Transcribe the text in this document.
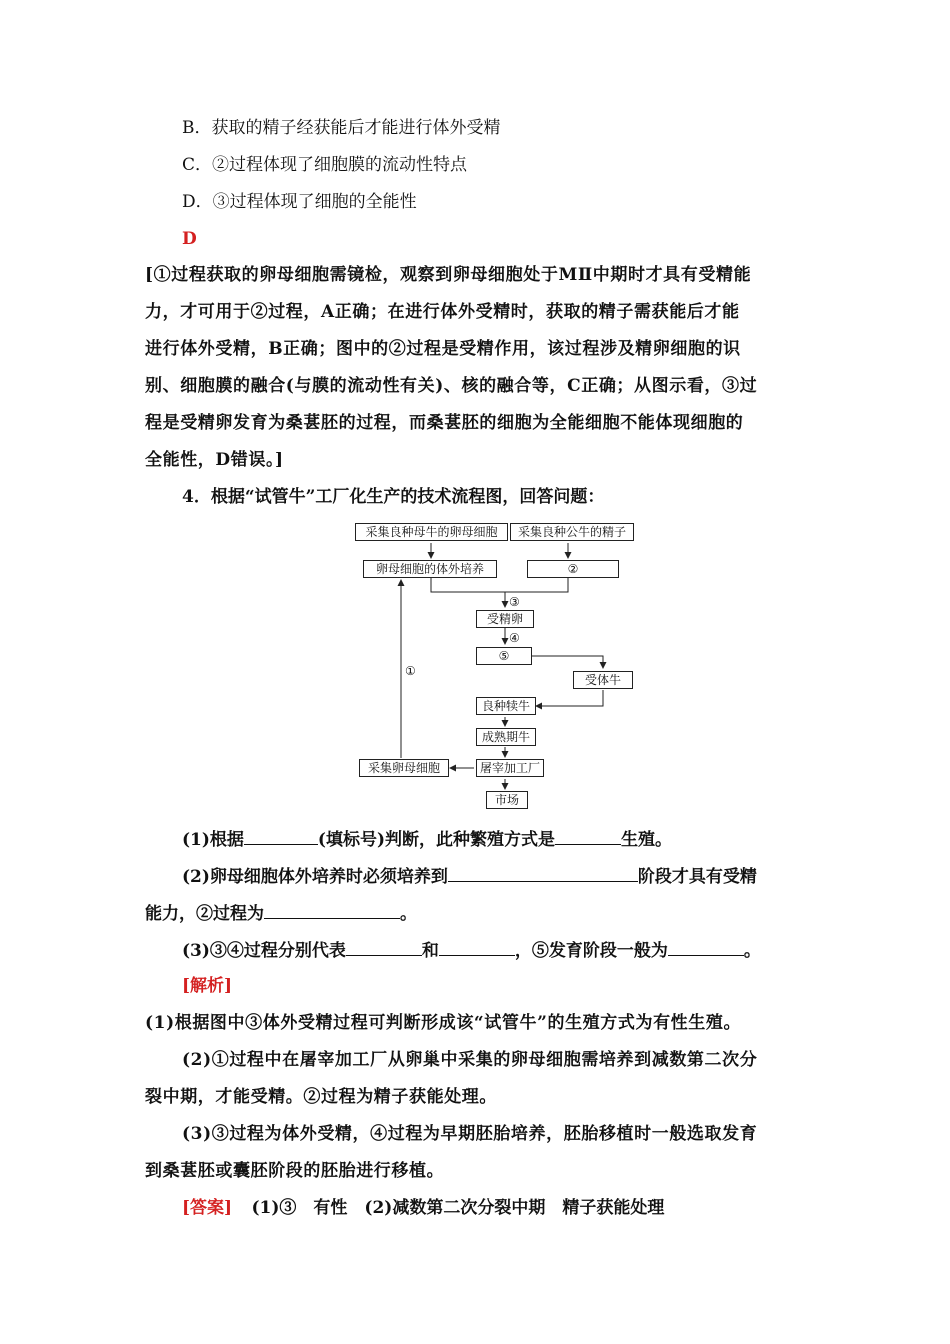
B．获取的精子经获能后才能进行体外受精
C．②过程体现了细胞膜的流动性特点
D．③过程体现了细胞的全能性
D
[①过程获取的卵母细胞需镜检，观察到卵母细胞处于MⅡ中期时才具有受精能
力，才可用于②过程，A正确；在进行体外受精时，获取的精子需获能后才能
进行体外受精，B正确；图中的②过程是受精作用，该过程涉及精卵细胞的识
别、细胞膜的融合(与膜的流动性有关)、核的融合等，C正确；从图示看，③过
程是受精卵发育为桑葚胚的过程，而桑葚胚的细胞为全能细胞不能体现细胞的
全能性，D错误。]
4．根据“试管牛”工厂化生产的技术流程图，回答问题：
采集良种母牛的卵母细胞	采集良种公牛的精子
卵母细胞的体外培养	②
③
受精卵
④
⑤
受体牛
良种犊牛
成熟期牛
屠宰加工厂
采集卵母细胞
市场
①
(1)根据	(填标号)判断，此种繁殖方式是	生殖。
(2)卵母细胞体外培养时必须培养到	阶段才具有受精
能力，②过程为	。
(3)③④过程分别代表	和	，⑤发育阶段一般为	。
[解析]
(1)根据图中③体外受精过程可判断形成该“试管牛”的生殖方式为有性生殖。
(2)①过程中在屠宰加工厂从卵巢中采集的卵母细胞需培养到减数第二次分
裂中期，才能受精。②过程为精子获能处理。
(3)③过程为体外受精，④过程为早期胚胎培养，胚胎移植时一般选取发育
到桑葚胚或囊胚阶段的胚胎进行移植。
[答案] (1)③　有性　(2)减数第二次分裂中期　精子获能处理
